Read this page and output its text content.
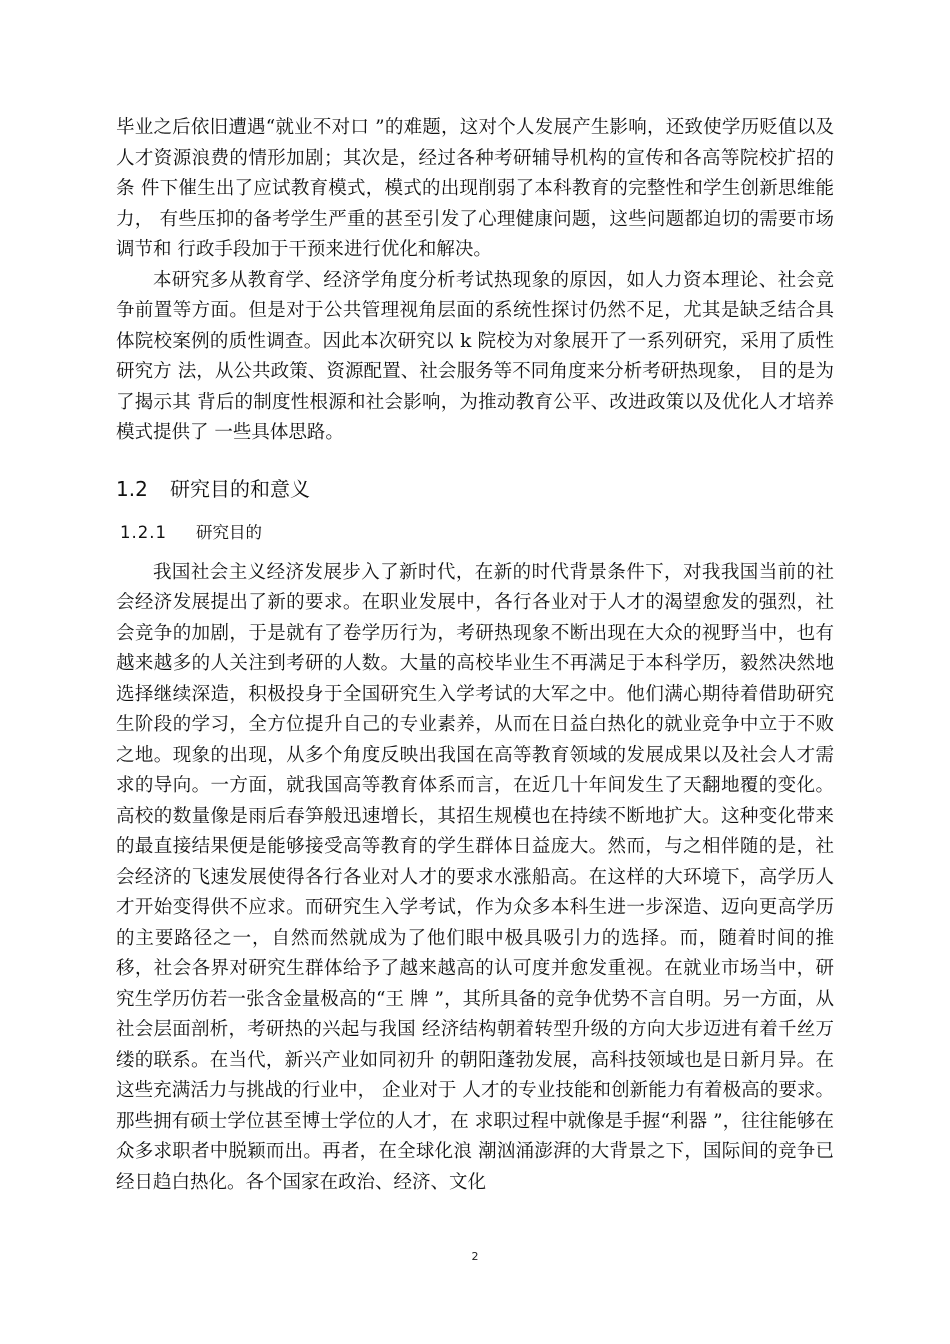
毕业之后依旧遭遇“就业不对口 ”的难题，这对个人发展产生影响，还致使学历贬值以及 人才资源浪费的情形加剧；其次是，经过各种考研辅导机构的宣传和各高等院校扩招的条 件下催生出了应试教育模式，模式的出现削弱了本科教育的完整性和学生创新思维能力， 有些压抑的备考学生严重的甚至引发了心理健康问题，这些问题都迫切的需要市场调节和 行政手段加于干预来进行优化和解决。

本研究多从教育学、经济学角度分析考试热现象的原因，如人力资本理论、社会竞争前置等方面。但是对于公共管理视角层面的系统性探讨仍然不足，尤其是缺乏结合具体院校案例的质性调查。因此本次研究以 k 院校为对象展开了一系列研究，采用了质性研究方 法，从公共政策、资源配置、社会服务等不同角度来分析考研热现象， 目的是为了揭示其 背后的制度性根源和社会影响，为推动教育公平、改进政策以及优化人才培养模式提供了 一些具体思路。

1.2 研究目的和意义
1.2.1 研究目的

我国社会主义经济发展步入了新时代，在新的时代背景条件下，对我我国当前的社会经济发展提出了新的要求。在职业发展中，各行各业对于人才的渴望愈发的强烈，社会竞争的加剧，于是就有了卷学历行为，考研热现象不断出现在大众的视野当中，也有越来越多的人关注到考研的人数。大量的高校毕业生不再满足于本科学历，毅然决然地选择继续深造，积极投身于全国研究生入学考试的大军之中。他们满心期待着借助研究生阶段的学习，全方位提升自己的专业素养，从而在日益白热化的就业竞争中立于不败之地。现象的出现，从多个角度反映出我国在高等教育领域的发展成果以及社会人才需求的导向。一方面，就我国高等教育体系而言，在近几十年间发生了天翻地覆的变化。高校的数量像是雨后春笋般迅速增长，其招生规模也在持续不断地扩大。这种变化带来的最直接结果便是能够接受高等教育的学生群体日益庞大。然而，与之相伴随的是，社会经济的飞速发展使得各行各业对人才的要求水涨船高。在这样的大环境下，高学历人才开始变得供不应求。而研究生入学考试，作为众多本科生进一步深造、迈向更高学历的主要路径之一，自然而然就成为了他们眼中极具吸引力的选择。而，随着时间的推移，社会各界对研究生群体给予了越来越高的认可度并愈发重视。在就业市场当中，研究生学历仿若一张含金量极高的“王 牌 ”，其所具备的竞争优势不言自明。另一方面，从社会层面剖析，考研热的兴起与我国 经济结构朝着转型升级的方向大步迈进有着千丝万缕的联系。在当代，新兴产业如同初升 的朝阳蓬勃发展，高科技领域也是日新月异。在这些充满活力与挑战的行业中， 企业对于 人才的专业技能和创新能力有着极高的要求。那些拥有硕士学位甚至博士学位的人才，在 求职过程中就像是手握“利器 ”，往往能够在众多求职者中脱颖而出。再者，在全球化浪 潮汹涌澎湃的大背景之下，国际间的竞争已经日趋白热化。各个国家在政治、经济、文化

2
